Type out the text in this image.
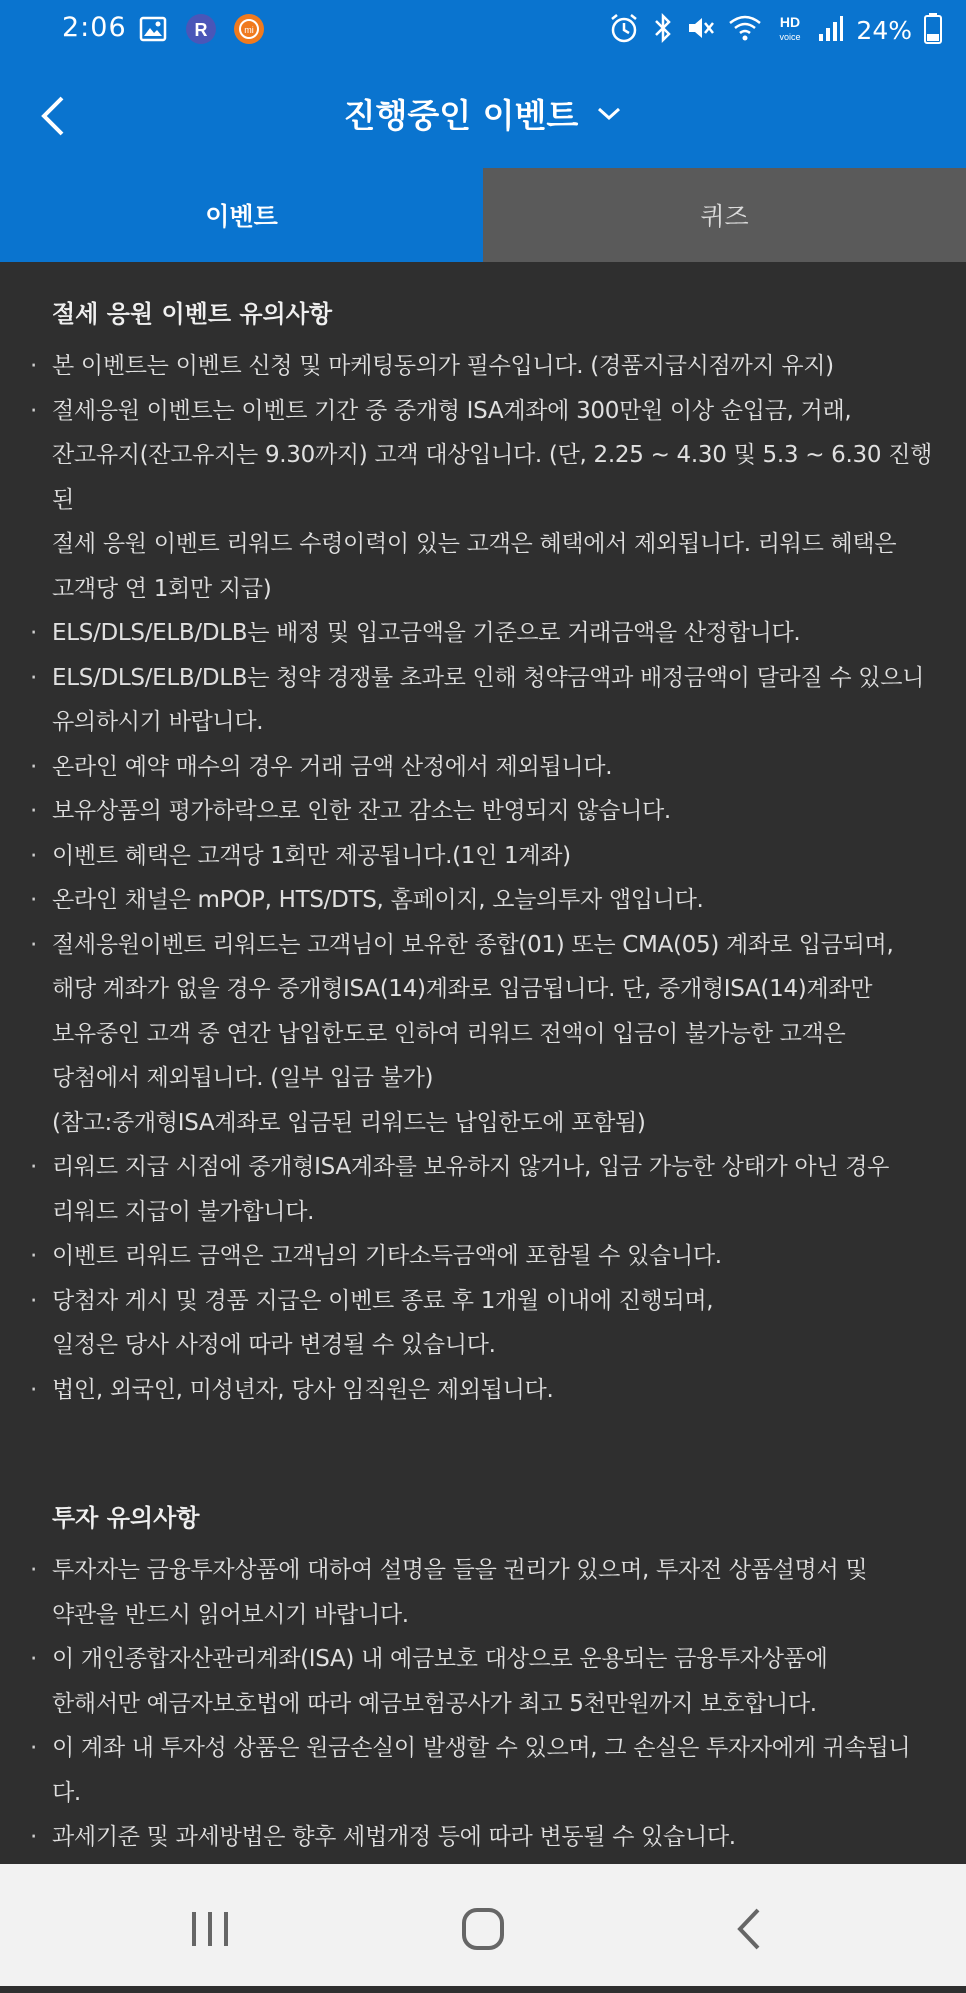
2:06	R	mi	HD
voice 24%
진행중인 이벤트
이벤트	퀴즈
절세 응원 이벤트 유의사항
· 본 이벤트는 이벤트 신청 및 마케팅동의가 필수입니다. (경품지급시점까지 유지)
· 절세응원 이벤트는 이벤트 기간 중 중개형 ISA계좌에 300만원 이상 순입금, 거래,
잔고유지(잔고유지는 9.30까지) 고객 대상입니다. (단, 2.25 ~ 4.30 및 5.3 ~ 6.30 진행된
절세 응원 이벤트 리워드 수령이력이 있는 고객은 혜택에서 제외됩니다. 리워드 혜택은
고객당 연 1회만 지급)
· ELS/DLS/ELB/DLB는 배정 및 입고금액을 기준으로 거래금액을 산정합니다.
· ELS/DLS/ELB/DLB는 청약 경쟁률 초과로 인해 청약금액과 배정금액이 달라질 수 있으니
유의하시기 바랍니다.
· 온라인 예약 매수의 경우 거래 금액 산정에서 제외됩니다.
· 보유상품의 평가하락으로 인한 잔고 감소는 반영되지 않습니다.
· 이벤트 혜택은 고객당 1회만 제공됩니다.(1인 1계좌)
· 온라인 채널은 mPOP, HTS/DTS, 홈페이지, 오늘의투자 앱입니다.
· 절세응원이벤트 리워드는 고객님이 보유한 종합(01) 또는 CMA(05) 계좌로 입금되며,
해당 계좌가 없을 경우 중개형ISA(14)계좌로 입금됩니다. 단, 중개형ISA(14)계좌만
보유중인 고객 중 연간 납입한도로 인하여 리워드 전액이 입금이 불가능한 고객은
당첨에서 제외됩니다. (일부 입금 불가)
(참고:중개형ISA계좌로 입금된 리워드는 납입한도에 포함됨)
· 리워드 지급 시점에 중개형ISA계좌를 보유하지 않거나, 입금 가능한 상태가 아닌 경우
리워드 지급이 불가합니다.
· 이벤트 리워드 금액은 고객님의 기타소득금액에 포함될 수 있습니다.
· 당첨자 게시 및 경품 지급은 이벤트 종료 후 1개월 이내에 진행되며,
일정은 당사 사정에 따라 변경될 수 있습니다.
· 법인, 외국인, 미성년자, 당사 임직원은 제외됩니다.
투자 유의사항
· 투자자는 금융투자상품에 대하여 설명을 들을 권리가 있으며, 투자전 상품설명서 및
약관을 반드시 읽어보시기 바랍니다.
· 이 개인종합자산관리계좌(ISA) 내 예금보호 대상으로 운용되는 금융투자상품에
한해서만 예금자보호법에 따라 예금보험공사가 최고 5천만원까지 보호합니다.
· 이 계좌 내 투자성 상품은 원금손실이 발생할 수 있으며, 그 손실은 투자자에게 귀속됩니다.
· 과세기준 및 과세방법은 향후 세법개정 등에 따라 변동될 수 있습니다.
·
·
